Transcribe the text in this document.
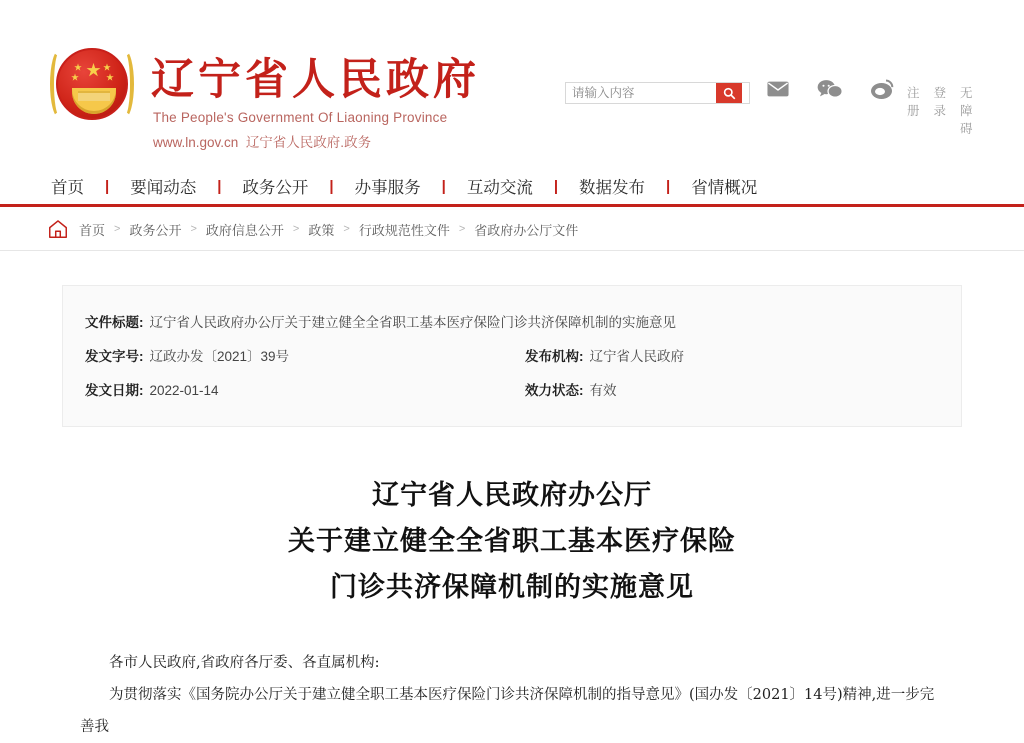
★
★
★
★
★ 辽宁省人民政府
The People's Government Of Liaoning Province
www.ln.gov.cn 辽宁省人民政府.政务
请输入内容
注册
登录
无障碍
首页	|	要闻动态	|	政务公开	|	办事服务	|	互动交流	|	数据发布	|	省情概况
首页 > 政务公开 > 政府信息公开 > 政策 > 行政规范性文件 > 省政府办公厅文件
文件标题: 辽宁省人民政府办公厅关于建立健全全省职工基本医疗保险门诊共济保障机制的实施意见
发文字号: 辽政办发〔2021〕39号	发布机构: 辽宁省人民政府
发文日期: 2022-01-14	效力状态: 有效
辽宁省人民政府办公厅
关于建立健全全省职工基本医疗保险
门诊共济保障机制的实施意见

各市人民政府,省政府各厅委、各直属机构:

为贯彻落实《国务院办公厅关于建立健全职工基本医疗保险门诊共济保障机制的指导意见》(国办发〔2021〕14号)精神,进一步完善我
